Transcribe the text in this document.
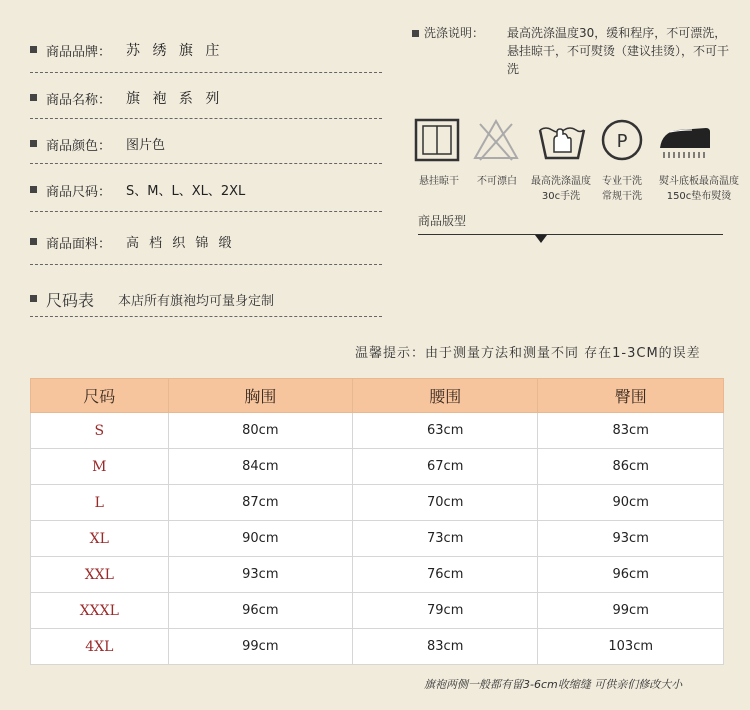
商品品牌： 苏 绣 旗 庄
商品名称： 旗 袍 系 列
商品颜色： 图片色
商品尺码： S、M、L、XL、2XL
商品面料： 高 档 织 锦 缎
尺码表 本店所有旗袍均可量身定制
洗涤说明： 最高洗涤温度30，缓和程序，不可漂洗，悬挂晾干，不可熨烫（建议挂烫），不可干洗
P
悬挂晾干	不可漂白	最高洗涤温度
30c手洗
专业干洗
常规干洗
熨斗底板最高温度
150c垫布熨烫
商品版型
温馨提示：由于测量方法和测量不同 存在1-3CM的误差
尺码	胸围	腰围	臀围
S	80cm	63cm	83cm
M	84cm	67cm	86cm
L	87cm	70cm	90cm
XL	90cm	73cm	93cm
XXL	93cm	76cm	96cm
XXXL	96cm	79cm	99cm
4XL	99cm	83cm	103cm
旗袍两侧一般都有留3-6cm收缩缝 可供亲们修改大小
